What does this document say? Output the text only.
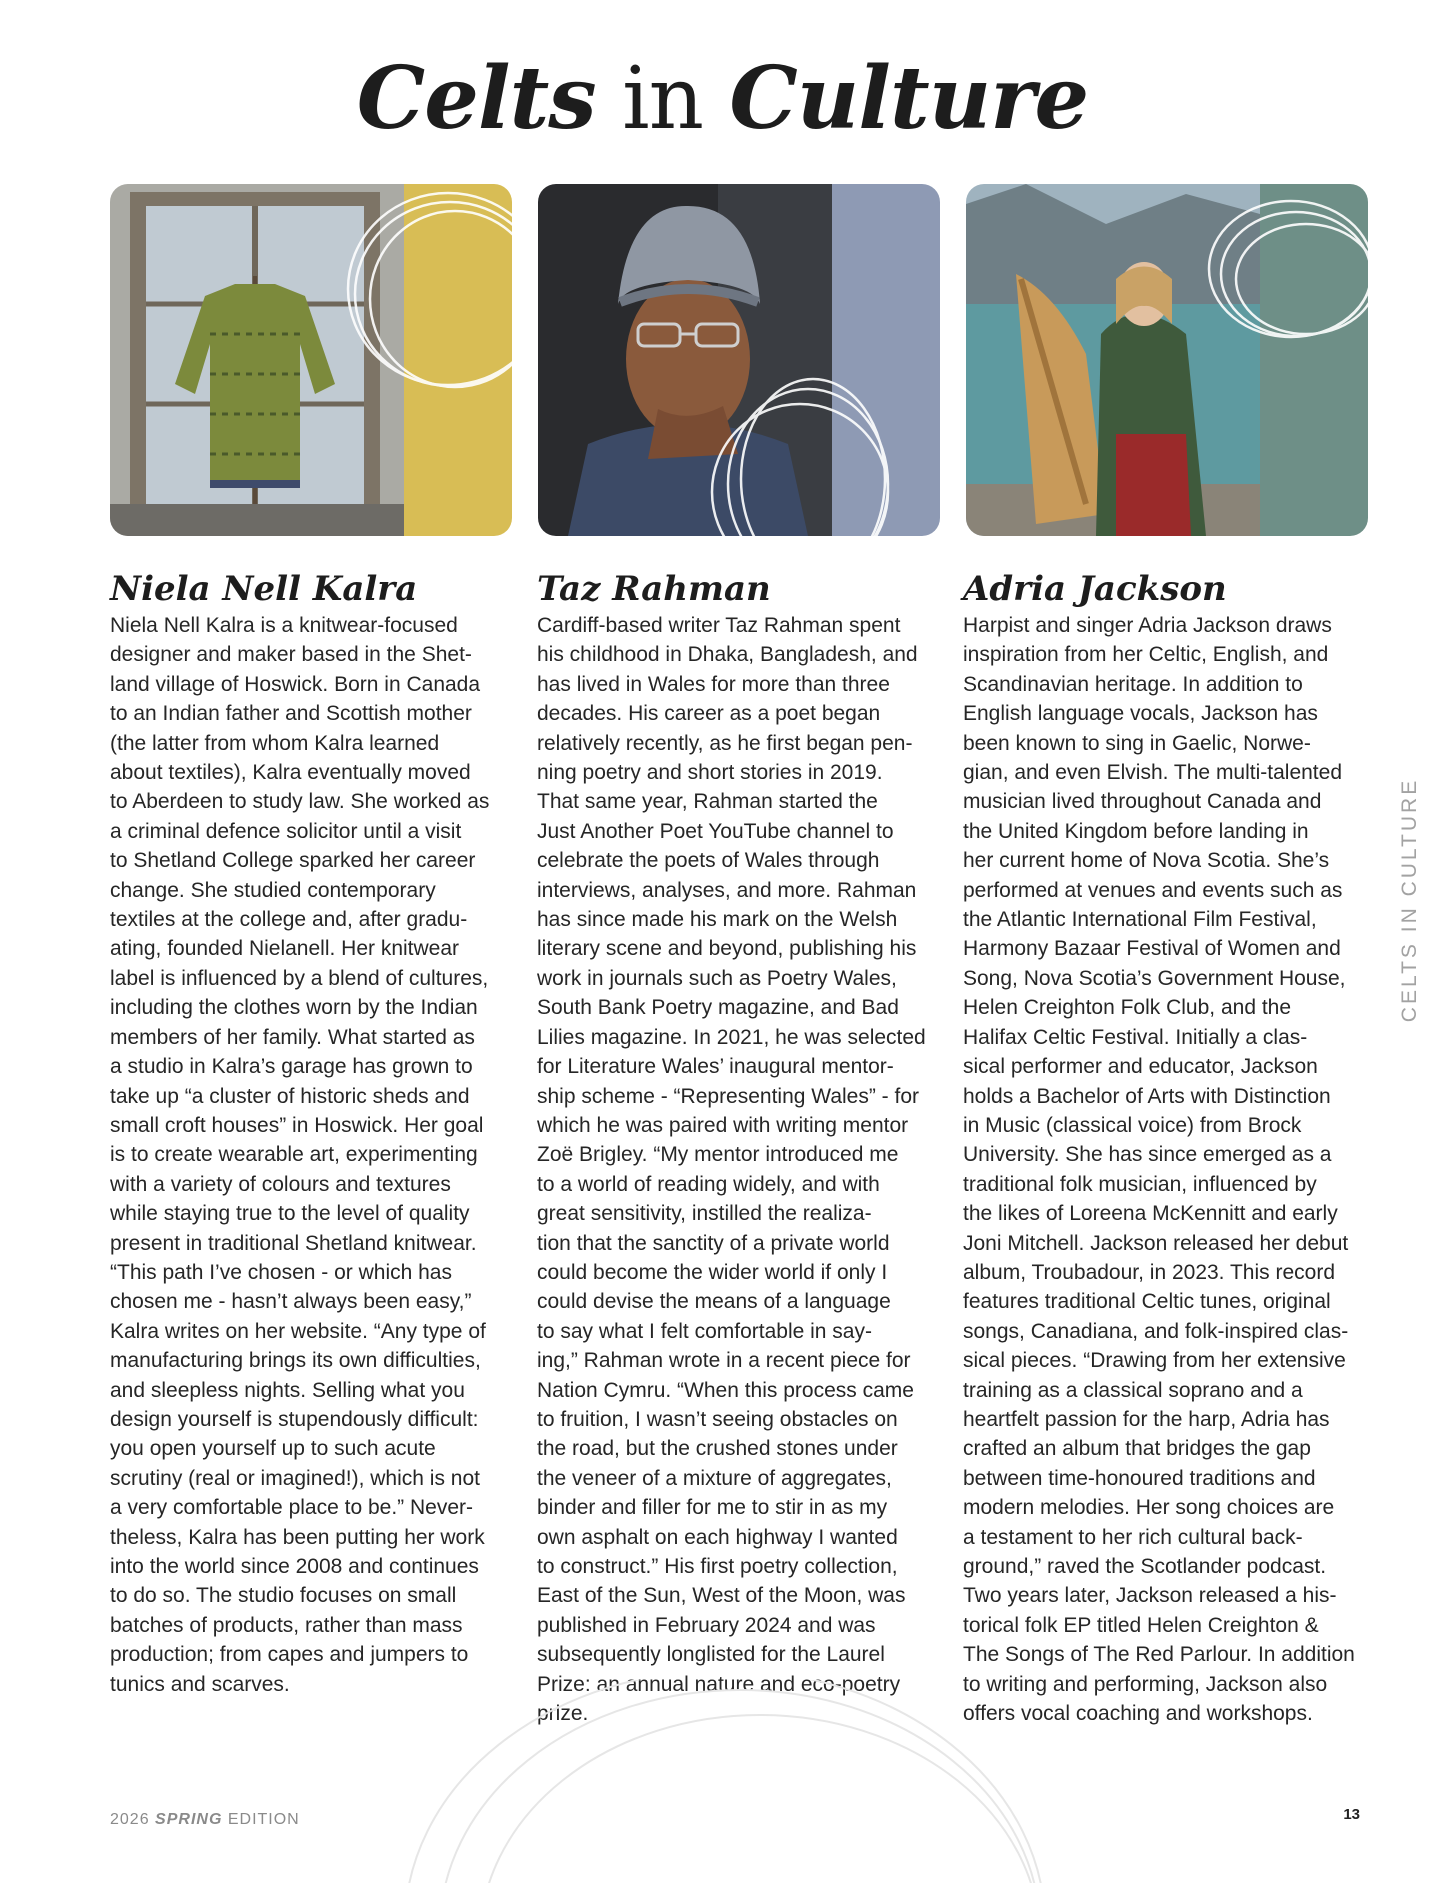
Celts in Culture
Niela Nell Kalra

Niela Nell Kalra is a knitwear-focused
designer and maker based in the Shet-
land village of Hoswick. Born in Canada
to an Indian father and Scottish mother
(the latter from whom Kalra learned
about textiles), Kalra eventually moved
to Aberdeen to study law. She worked as
a criminal defence solicitor until a visit
to Shetland College sparked her career
change. She studied contemporary
textiles at the college and, after gradu-
ating, founded Nielanell. Her knitwear
label is influenced by a blend of cultures,
including the clothes worn by the Indian
members of her family. What started as
a studio in Kalra’s garage has grown to
take up “a cluster of historic sheds and
small croft houses” in Hoswick. Her goal
is to create wearable art, experimenting
with a variety of colours and textures
while staying true to the level of quality
present in traditional Shetland knitwear.
“This path I’ve chosen - or which has
chosen me - hasn’t always been easy,”
Kalra writes on her website. “Any type of
manufacturing brings its own difficulties,
and sleepless nights. Selling what you
design yourself is stupendously difficult:
you open yourself up to such acute
scrutiny (real or imagined!), which is not
a very comfortable place to be.” Never-
theless, Kalra has been putting her work
into the world since 2008 and continues
to do so. The studio focuses on small
batches of products, rather than mass
production; from capes and jumpers to
tunics and scarves.

Taz Rahman

Cardiff-based writer Taz Rahman spent
his childhood in Dhaka, Bangladesh, and
has lived in Wales for more than three
decades. His career as a poet began
relatively recently, as he first began pen-
ning poetry and short stories in 2019.
That same year, Rahman started the
Just Another Poet YouTube channel to
celebrate the poets of Wales through
interviews, analyses, and more. Rahman
has since made his mark on the Welsh
literary scene and beyond, publishing his
work in journals such as Poetry Wales,
South Bank Poetry magazine, and Bad
Lilies magazine. In 2021, he was selected
for Literature Wales’ inaugural mentor-
ship scheme - “Representing Wales” - for
which he was paired with writing mentor
Zoë Brigley. “My mentor introduced me
to a world of reading widely, and with
great sensitivity, instilled the realiza-
tion that the sanctity of a private world
could become the wider world if only I
could devise the means of a language
to say what I felt comfortable in say-
ing,” Rahman wrote in a recent piece for
Nation Cymru. “When this process came
to fruition, I wasn’t seeing obstacles on
the road, but the crushed stones under
the veneer of a mixture of aggregates,
binder and filler for me to stir in as my
own asphalt on each highway I wanted
to construct.” His first poetry collection,
East of the Sun, West of the Moon, was
published in February 2024 and was
subsequently longlisted for the Laurel
Prize: an annual nature and eco-poetry
prize.

Adria Jackson

Harpist and singer Adria Jackson draws
inspiration from her Celtic, English, and
Scandinavian heritage. In addition to
English language vocals, Jackson has
been known to sing in Gaelic, Norwe-
gian, and even Elvish. The multi-talented
musician lived throughout Canada and
the United Kingdom before landing in
her current home of Nova Scotia. She’s
performed at venues and events such as
the Atlantic International Film Festival,
Harmony Bazaar Festival of Women and
Song, Nova Scotia’s Government House,
Helen Creighton Folk Club, and the
Halifax Celtic Festival. Initially a clas-
sical performer and educator, Jackson
holds a Bachelor of Arts with Distinction
in Music (classical voice) from Brock
University. She has since emerged as a
traditional folk musician, influenced by
the likes of Loreena McKennitt and early
Joni Mitchell. Jackson released her debut
album, Troubadour, in 2023. This record
features traditional Celtic tunes, original
songs, Canadiana, and folk-inspired clas-
sical pieces. “Drawing from her extensive
training as a classical soprano and a
heartfelt passion for the harp, Adria has
crafted an album that bridges the gap
between time-honoured traditions and
modern melodies. Her song choices are
a testament to her rich cultural back-
ground,” raved the Scotlander podcast.
Two years later, Jackson released a his-
torical folk EP titled Helen Creighton &
The Songs of The Red Parlour. In addition
to writing and performing, Jackson also
offers vocal coaching and workshops.

CELTS IN CULTURE
2026 SPRING EDITION	13
